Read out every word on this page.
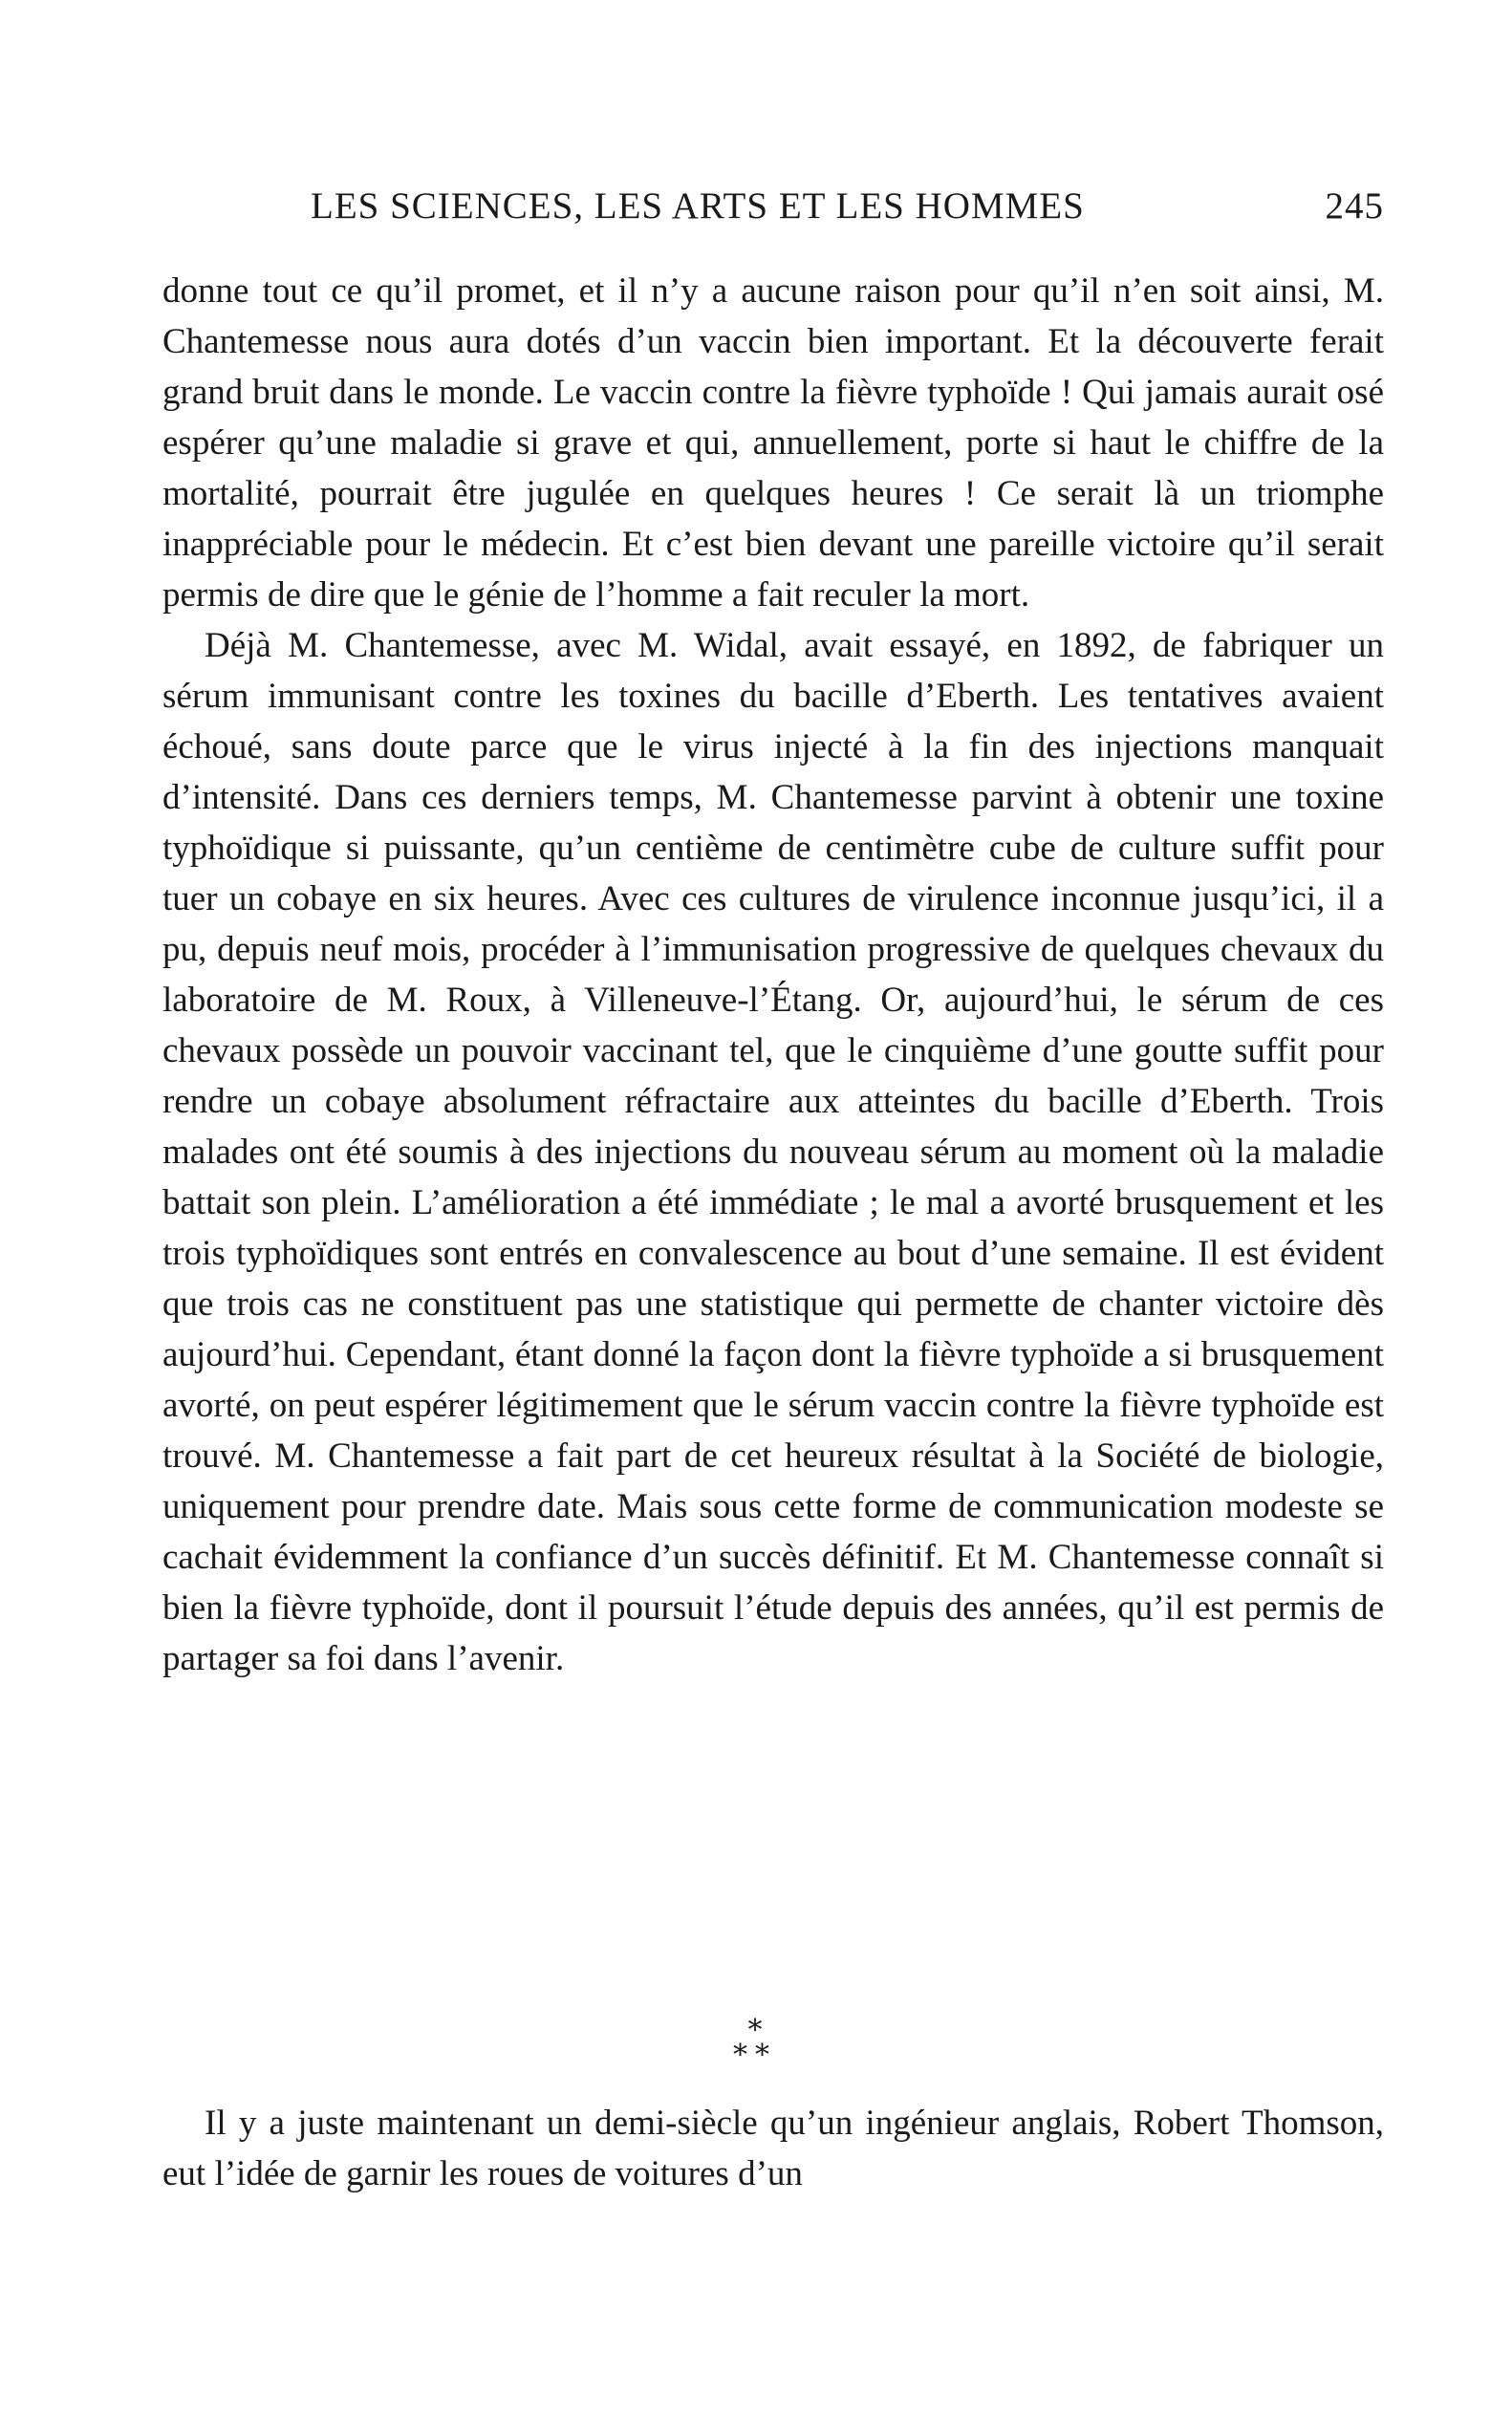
LES SCIENCES, LES ARTS ET LES HOMMES	245

donne tout ce qu’il promet, et il n’y a aucune raison pour qu’il n’en soit ainsi, M. Chantemesse nous aura dotés d’un vaccin bien important. Et la découverte ferait grand bruit dans le monde. Le vaccin contre la fièvre typhoïde ! Qui jamais aurait osé espérer qu’une maladie si grave et qui, annuellement, porte si haut le chiffre de la mortalité, pourrait être jugulée en quelques heures ! Ce serait là un triomphe inappréciable pour le médecin. Et c’est bien devant une pareille victoire qu’il serait permis de dire que le génie de l’homme a fait reculer la mort.

Déjà M. Chantemesse, avec M. Widal, avait essayé, en 1892, de fabriquer un sérum immunisant contre les toxines du bacille d’Eberth. Les tentatives avaient échoué, sans doute parce que le virus injecté à la fin des injections manquait d’intensité. Dans ces derniers temps, M. Chantemesse parvint à obtenir une toxine typhoïdique si puissante, qu’un centième de centimètre cube de culture suffit pour tuer un cobaye en six heures. Avec ces cultures de virulence inconnue jusqu’ici, il a pu, depuis neuf mois, procéder à l’immunisation progressive de quelques chevaux du laboratoire de M. Roux, à Villeneuve-l’Étang. Or, aujourd’hui, le sérum de ces chevaux possède un pouvoir vaccinant tel, que le cinquième d’une goutte suffit pour rendre un cobaye absolument réfractaire aux atteintes du bacille d’Eberth. Trois malades ont été soumis à des injections du nouveau sérum au moment où la maladie battait son plein. L’amélioration a été immédiate ; le mal a avorté brusquement et les trois typhoïdiques sont entrés en convalescence au bout d’une semaine. Il est évident que trois cas ne constituent pas une statistique qui permette de chanter victoire dès aujourd’hui. Cependant, étant donné la façon dont la fièvre typhoïde a si brusquement avorté, on peut espérer légitimement que le sérum vaccin contre la fièvre typhoïde est trouvé. M. Chantemesse a fait part de cet heureux résultat à la Société de biologie, uniquement pour prendre date. Mais sous cette forme de communication modeste se cachait évidemment la confiance d’un succès définitif. Et M. Chantemesse connaît si bien la fièvre typhoïde, dont il poursuit l’étude depuis des années, qu’il est permis de partager sa foi dans l’avenir.

*
**

Il y a juste maintenant un demi-siècle qu’un ingénieur anglais, Robert Thomson, eut l’idée de garnir les roues de voitures d’un
